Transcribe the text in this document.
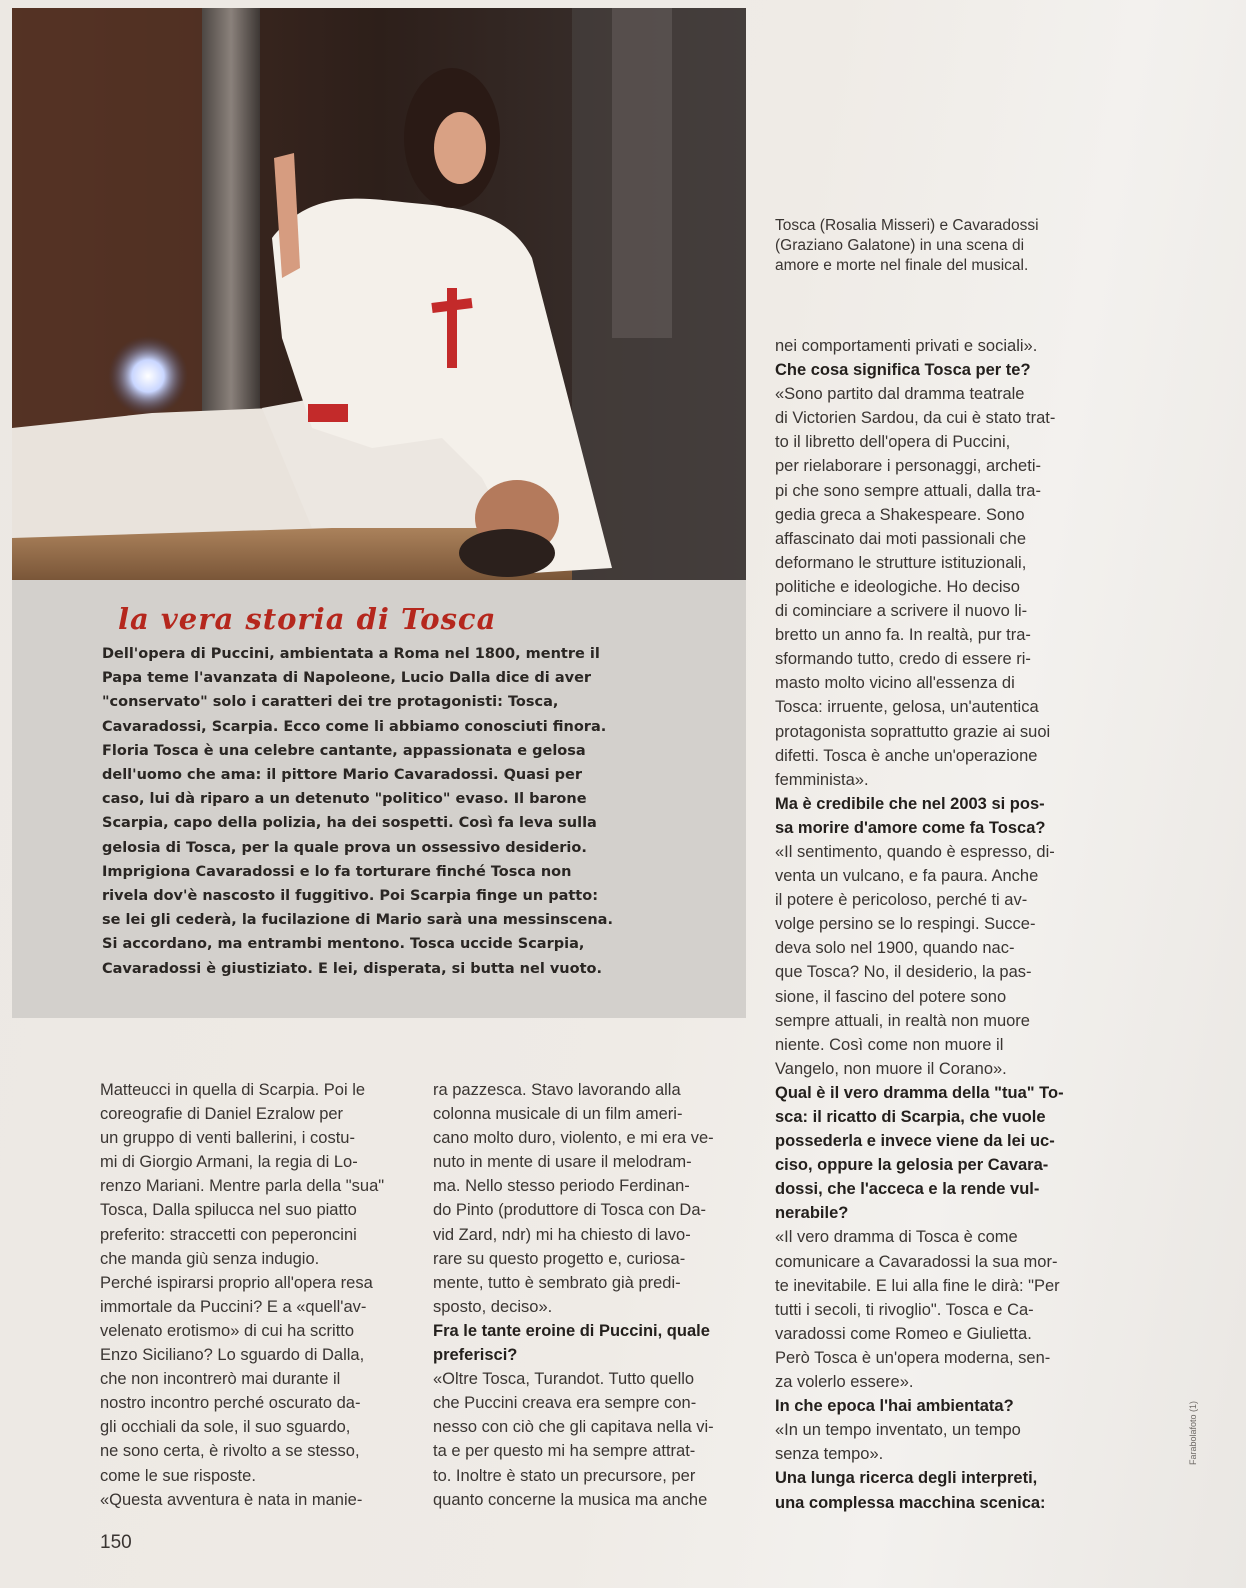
Tosca (Rosalia Misseri) e Cavaradossi
(Graziano Galatone) in una scena di
amore e morte nel finale del musical.
la vera storia di Tosca

Dell'opera di Puccini, ambientata a Roma nel 1800, mentre il

Papa teme l'avanzata di Napoleone, Lucio Dalla dice di aver

"conservato" solo i caratteri dei tre protagonisti: Tosca,

Cavaradossi, Scarpia. Ecco come li abbiamo conosciuti finora.

Floria Tosca è una celebre cantante, appassionata e gelosa

dell'uomo che ama: il pittore Mario Cavaradossi. Quasi per

caso, lui dà riparo a un detenuto "politico" evaso. Il barone

Scarpia, capo della polizia, ha dei sospetti. Così fa leva sulla

gelosia di Tosca, per la quale prova un ossessivo desiderio.

Imprigiona Cavaradossi e lo fa torturare finché Tosca non

rivela dov'è nascosto il fuggitivo. Poi Scarpia finge un patto:

se lei gli cederà, la fucilazione di Mario sarà una messinscena.

Si accordano, ma entrambi mentono. Tosca uccide Scarpia,

Cavaradossi è giustiziato. E lei, disperata, si butta nel vuoto.

Matteucci in quella di Scarpia. Poi le

coreografie di Daniel Ezralow per

un gruppo di venti ballerini, i costu-

mi di Giorgio Armani, la regia di Lo-

renzo Mariani. Mentre parla della "sua"

Tosca, Dalla spilucca nel suo piatto

preferito: straccetti con peperoncini

che manda giù senza indugio.

Perché ispirarsi proprio all'opera resa

immortale da Puccini? E a «quell'av-

velenato erotismo» di cui ha scritto

Enzo Siciliano? Lo sguardo di Dalla,

che non incontrerò mai durante il

nostro incontro perché oscurato da-

gli occhiali da sole, il suo sguardo,

ne sono certa, è rivolto a se stesso,

come le sue risposte.

«Questa avventura è nata in manie-

ra pazzesca. Stavo lavorando alla

colonna musicale di un film ameri-

cano molto duro, violento, e mi era ve-

nuto in mente di usare il melodram-

ma. Nello stesso periodo Ferdinan-

do Pinto (produttore di Tosca con Da-

vid Zard, ndr) mi ha chiesto di lavo-

rare su questo progetto e, curiosa-

mente, tutto è sembrato già predi-

sposto, deciso».

Fra le tante eroine di Puccini, quale

preferisci?

«Oltre Tosca, Turandot. Tutto quello

che Puccini creava era sempre con-

nesso con ciò che gli capitava nella vi-

ta e per questo mi ha sempre attrat-

to. Inoltre è stato un precursore, per

quanto concerne la musica ma anche

nei comportamenti privati e sociali».

Che cosa significa Tosca per te?

«Sono partito dal dramma teatrale

di Victorien Sardou, da cui è stato trat-

to il libretto dell'opera di Puccini,

per rielaborare i personaggi, archeti-

pi che sono sempre attuali, dalla tra-

gedia greca a Shakespeare. Sono

affascinato dai moti passionali che

deformano le strutture istituzionali,

politiche e ideologiche. Ho deciso

di cominciare a scrivere il nuovo li-

bretto un anno fa. In realtà, pur tra-

sformando tutto, credo di essere ri-

masto molto vicino all'essenza di

Tosca: irruente, gelosa, un'autentica

protagonista soprattutto grazie ai suoi

difetti. Tosca è anche un'operazione

femminista».

Ma è credibile che nel 2003 si pos-

sa morire d'amore come fa Tosca?

«Il sentimento, quando è espresso, di-

venta un vulcano, e fa paura. Anche

il potere è pericoloso, perché ti av-

volge persino se lo respingi. Succe-

deva solo nel 1900, quando nac-

que Tosca? No, il desiderio, la pas-

sione, il fascino del potere sono

sempre attuali, in realtà non muore

niente. Così come non muore il

Vangelo, non muore il Corano».

Qual è il vero dramma della "tua" To-

sca: il ricatto di Scarpia, che vuole

possederla e invece viene da lei uc-

ciso, oppure la gelosia per Cavara-

dossi, che l'acceca e la rende vul-

nerabile?

«Il vero dramma di Tosca è come

comunicare a Cavaradossi la sua mor-

te inevitabile. E lui alla fine le dirà: "Per

tutti i secoli, ti rivoglio". Tosca e Ca-

varadossi come Romeo e Giulietta.

Però Tosca è un'opera moderna, sen-

za volerlo essere».

In che epoca l'hai ambientata?

«In un tempo inventato, un tempo

senza tempo».

Una lunga ricerca degli interpreti,

una complessa macchina scenica:

150
Farabolafoto (1)
